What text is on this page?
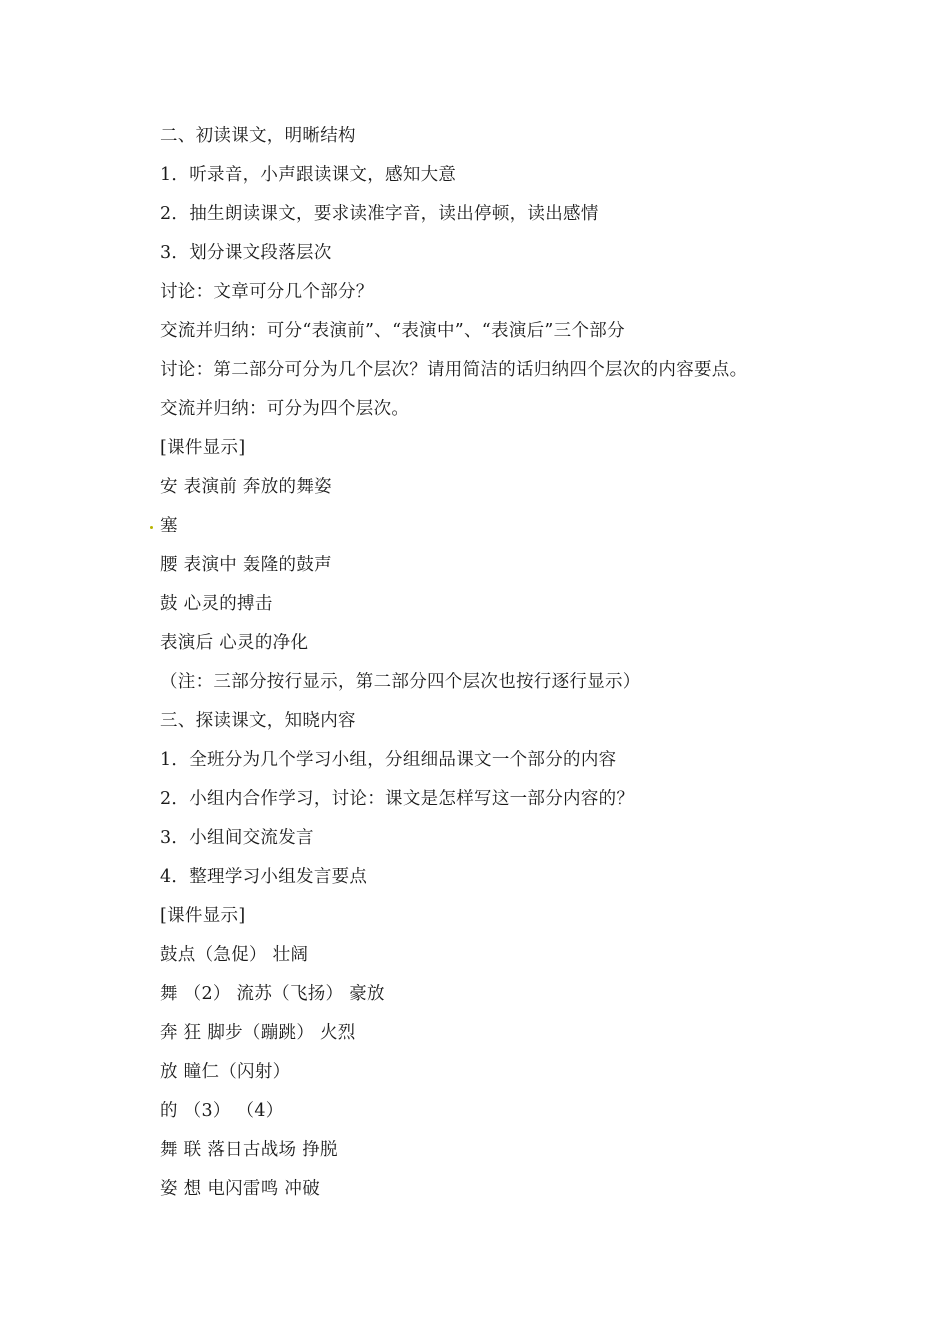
二、初读课文，明晰结构
1．听录音，小声跟读课文，感知大意
2．抽生朗读课文，要求读准字音，读出停顿，读出感情
3．划分课文段落层次
讨论：文章可分几个部分？
交流并归纳：可分“表演前”、“表演中”、“表演后”三个部分
讨论：第二部分可分为几个层次？请用简洁的话归纳四个层次的内容要点。
交流并归纳：可分为四个层次。
[课件显示]
安 表演前 奔放的舞姿
塞
腰 表演中 轰隆的鼓声
鼓 心灵的搏击
表演后 心灵的净化
（注：三部分按行显示，第二部分四个层次也按行逐行显示）
三、探读课文，知晓内容
1．全班分为几个学习小组，分组细品课文一个部分的内容
2．小组内合作学习，讨论：课文是怎样写这一部分内容的？
3．小组间交流发言
4．整理学习小组发言要点
[课件显示]
鼓点（急促） 壮阔
舞 （2） 流苏（飞扬） 豪放
奔 狂 脚步（蹦跳） 火烈
放 瞳仁（闪射）
的 （3） （4）
舞 联 落日古战场 挣脱
姿 想 电闪雷鸣 冲破
